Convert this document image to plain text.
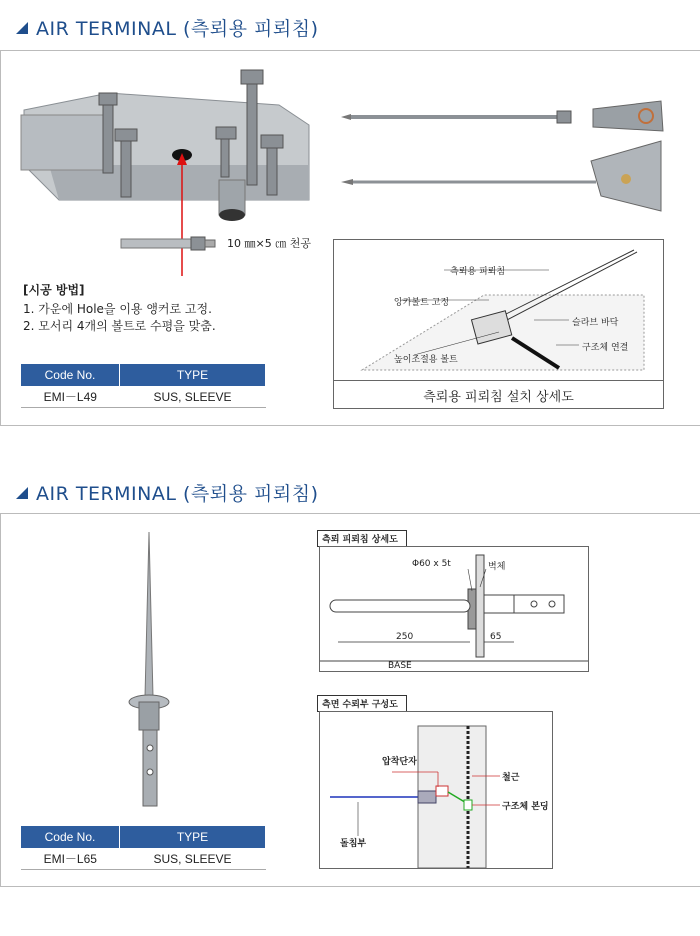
AIR TERMINAL (측뢰용 피뢰침)
10 ㎜×5 ㎝ 천공
[시공 방법]
1. 가운에 Hole을 이용 앵커로 고정.
2. 모서리 4개의 볼트로 수평을 맞춤.
Code No.	TYPE
EMI－L49	SUS, SLEEVE
측뢰용 피뢰침
앙카볼트 고정
슬라브 바닥
구조체 연결
높이조절용 볼트
측뢰용 피뢰침 설치 상세도
AIR TERMINAL (측뢰용 피뢰침)
Code No.	TYPE
EMI－L65	SUS, SLEEVE
측뢰 피뢰침 상세도
Φ60 x 5t	벽체
250	65
BASE
측면 수뢰부 구성도
압착단자
철근
구조체 본딩
돌침부
